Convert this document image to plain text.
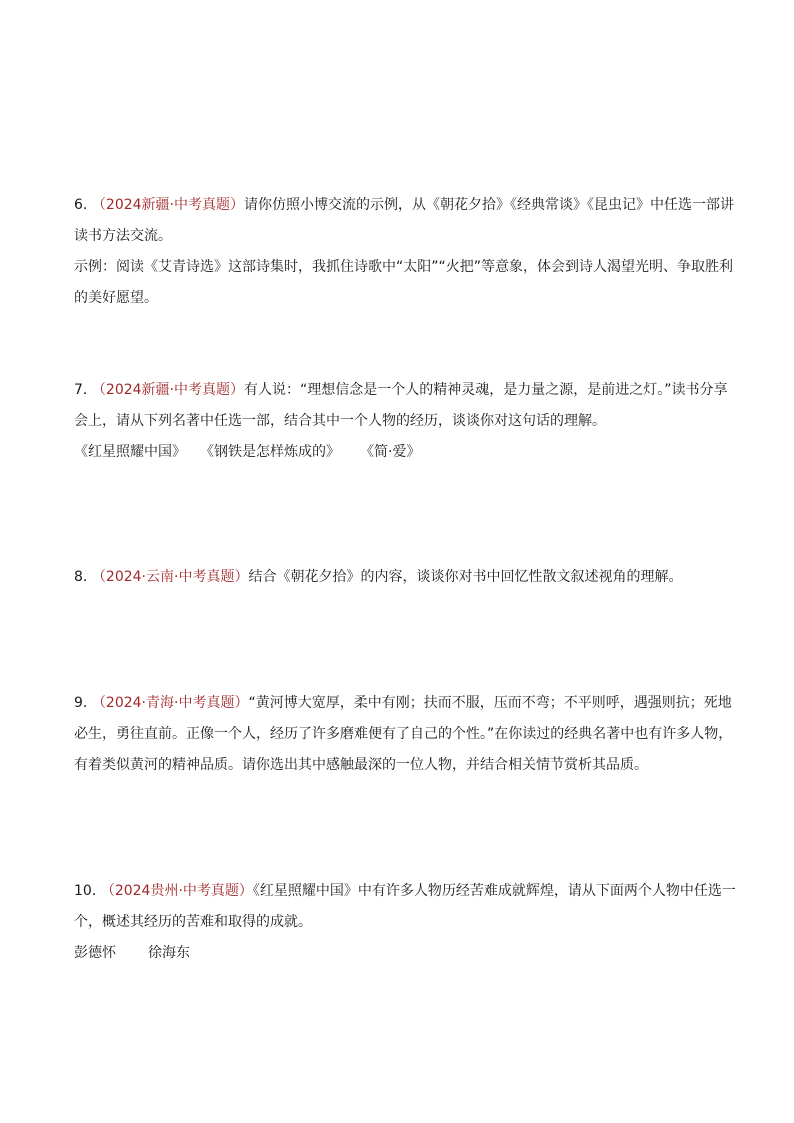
6． （2024新疆·中考真题）请你仿照小博交流的示例，从《朝花夕拾》《经典常谈》《昆虫记》中任选一部讲
读书方法交流。
示例：阅读《艾青诗选》这部诗集时，我抓住诗歌中“太阳”“火把”等意象，体会到诗人渴望光明、争取胜利
的美好愿望。
7． （2024新疆·中考真题）有人说：“理想信念是一个人的精神灵魂，是力量之源，是前进之灯。”读书分享
会上，请从下列名著中任选一部，结合其中一个人物的经历，谈谈你对这句话的理解。
《红星照耀中国》 《钢铁是怎样炼成的》 《简·爱》
8． （2024·云南·中考真题）结合《朝花夕拾》的内容，谈谈你对书中回忆性散文叙述视角的理解。
9． （2024·青海·中考真题）“黄河博大宽厚，柔中有刚；扶而不服，压而不弯；不平则呼，遇强则抗；死地
必生，勇往直前。正像一个人，经历了许多磨难便有了自己的个性。”在你读过的经典名著中也有许多人物，
有着类似黄河的精神品质。请你选出其中感触最深的一位人物，并结合相关情节赏析其品质。
10． （2024贵州·中考真题）《红星照耀中国》中有许多人物历经苦难成就辉煌，请从下面两个人物中任选一
个，概述其经历的苦难和取得的成就。
彭德怀 徐海东
